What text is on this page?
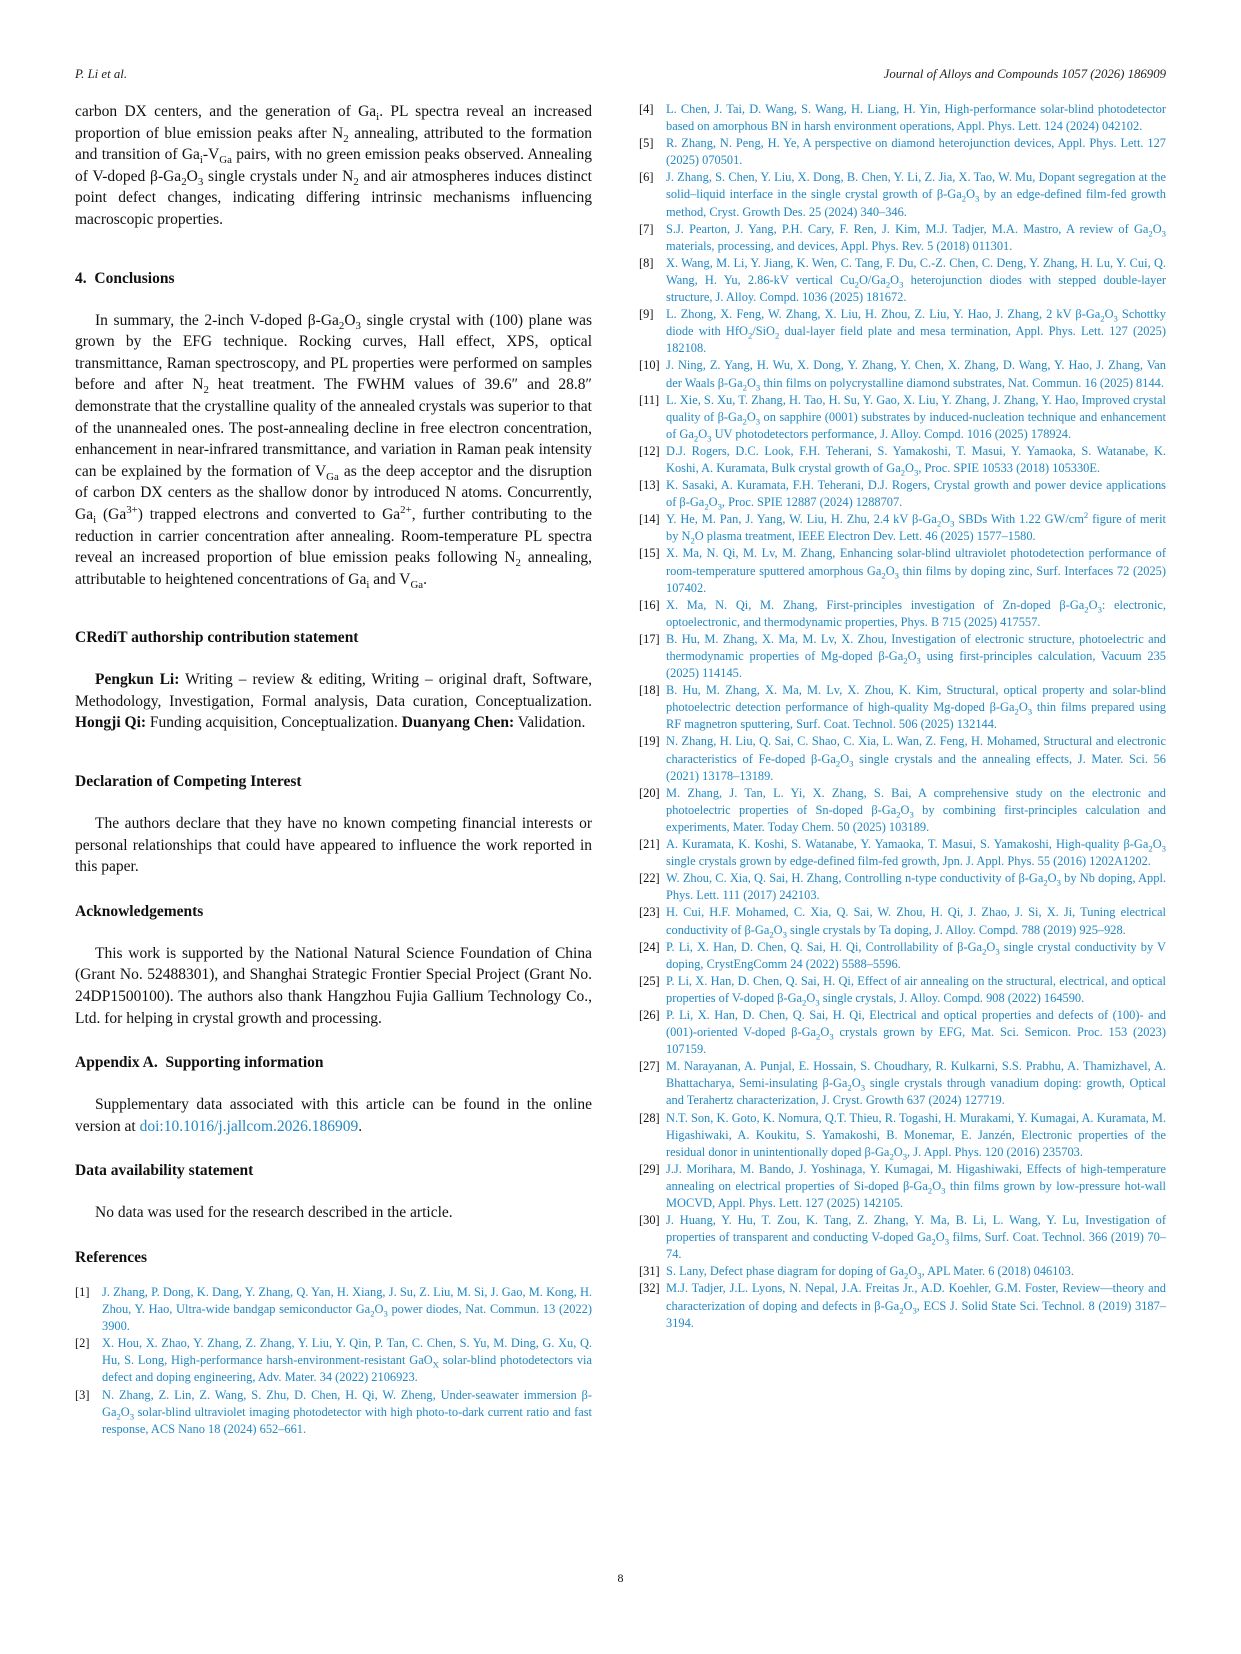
P. Li et al.	Journal of Alloys and Compounds 1057 (2026) 186909

carbon DX centers, and the generation of $Ga_i$. PL spectra reveal an increased proportion of blue emission peaks after $N_2$ annealing, attributed to the formation and transition of $Ga_i-V_{Ga}$ pairs, with no green emission peaks observed. Annealing of V-doped $\beta-Ga_2O_3$ single crystals under $N_2$ and air atmospheres induces distinct point defect changes, indicating differing intrinsic mechanisms influencing macroscopic properties.

4. Conclusions

In summary, the 2-inch V-doped $\beta-Ga_2O_3$ single crystal with (100) plane was grown by the EFG technique. Rocking curves, Hall effect, XPS, optical transmittance, Raman spectroscopy, and PL properties were performed on samples before and after $N_2$ heat treatment. The FWHM values of 39.6″ and 28.8″ demonstrate that the crystalline quality of the annealed crystals was superior to that of the unannealed ones. The post-annealing decline in free electron concentration, enhancement in near-infrared transmittance, and variation in Raman peak intensity can be explained by the formation of $V_{Ga}$ as the deep acceptor and the disruption of carbon DX centers as the shallow donor by introduced N atoms. Concurrently, $Ga_i$ $(Ga^{3+})$ trapped electrons and converted to $Ga^{2+}$, further contributing to the reduction in carrier concentration after annealing. Room-temperature PL spectra reveal an increased proportion of blue emission peaks following $N_2$ annealing, attributable to heightened concentrations of $Ga_i$ and $V_{Ga}$.

CRediT authorship contribution statement

Pengkun Li: Writing – review & editing, Writing – original draft, Software, Methodology, Investigation, Formal analysis, Data curation, Conceptualization. Hongji Qi: Funding acquisition, Conceptualization. Duanyang Chen: Validation.

Declaration of Competing Interest

The authors declare that they have no known competing financial interests or personal relationships that could have appeared to influence the work reported in this paper.

Acknowledgements

This work is supported by the National Natural Science Foundation of China (Grant No. 52488301), and Shanghai Strategic Frontier Special Project (Grant No. 24DP1500100). The authors also thank Hangzhou Fujia Gallium Technology Co., Ltd. for helping in crystal growth and processing.

Appendix A. Supporting information

Supplementary data associated with this article can be found in the online version at doi:10.1016/j.jallcom.2026.186909.

Data availability statement

No data was used for the research described in the article.

References
[1] J. Zhang, P. Dong, K. Dang, Y. Zhang, Q. Yan, H. Xiang, J. Su, Z. Liu, M. Si, J. Gao, M. Kong, H. Zhou, Y. Hao, Ultra-wide bandgap semiconductor $Ga_2O_3$ power diodes, Nat. Commun. 13 (2022) 3900.
[2] X. Hou, X. Zhao, Y. Zhang, Z. Zhang, Y. Liu, Y. Qin, P. Tan, C. Chen, S. Yu, M. Ding, G. Xu, Q. Hu, S. Long, High-performance harsh-environment-resistant GaO$_X$ solar-blind photodetectors via defect and doping engineering, Adv. Mater. 34 (2022) 2106923.
[3] N. Zhang, Z. Lin, Z. Wang, S. Zhu, D. Chen, H. Qi, W. Zheng, Under-seawater immersion $\beta-Ga_2O_3$ solar-blind ultraviolet imaging photodetector with high photo-to-dark current ratio and fast response, ACS Nano 18 (2024) 652–661.
[4] L. Chen, J. Tai, D. Wang, S. Wang, H. Liang, H. Yin, High-performance solar-blind photodetector based on amorphous BN in harsh environment operations, Appl. Phys. Lett. 124 (2024) 042102.
[5] R. Zhang, N. Peng, H. Ye, A perspective on diamond heterojunction devices, Appl. Phys. Lett. 127 (2025) 070501.
[6] J. Zhang, S. Chen, Y. Liu, X. Dong, B. Chen, Y. Li, Z. Jia, X. Tao, W. Mu, Dopant segregation at the solid–liquid interface in the single crystal growth of $\beta-Ga_2O_3$ by an edge-defined film-fed growth method, Cryst. Growth Des. 25 (2024) 340–346.
[7] S.J. Pearton, J. Yang, P.H. Cary, F. Ren, J. Kim, M.J. Tadjer, M.A. Mastro, A review of $Ga_2O_3$ materials, processing, and devices, Appl. Phys. Rev. 5 (2018) 011301.
[8] X. Wang, M. Li, Y. Jiang, K. Wen, C. Tang, F. Du, C.-Z. Chen, C. Deng, Y. Zhang, H. Lu, Y. Cui, Q. Wang, H. Yu, 2.86-kV vertical $Cu_2O/Ga_2O_3$ heterojunction diodes with stepped double-layer structure, J. Alloy. Compd. 1036 (2025) 181672.
[9] L. Zhong, X. Feng, W. Zhang, X. Liu, H. Zhou, Z. Liu, Y. Hao, J. Zhang, 2 kV $\beta-Ga_2O_3$ Schottky diode with HfO$_2$/SiO$_2$ dual-layer field plate and mesa termination, Appl. Phys. Lett. 127 (2025) 182108.
[10] J. Ning, Z. Yang, H. Wu, X. Dong, Y. Zhang, Y. Chen, X. Zhang, D. Wang, Y. Hao, J. Zhang, Van der Waals $\beta-Ga_2O_3$ thin films on polycrystalline diamond substrates, Nat. Commun. 16 (2025) 8144.
[11] L. Xie, S. Xu, T. Zhang, H. Tao, H. Su, Y. Gao, X. Liu, Y. Zhang, J. Zhang, Y. Hao, Improved crystal quality of $\beta-Ga_2O_3$ on sapphire (0001) substrates by induced-nucleation technique and enhancement of $Ga_2O_3$ UV photodetectors performance, J. Alloy. Compd. 1016 (2025) 178924.
[12] D.J. Rogers, D.C. Look, F.H. Teherani, S. Yamakoshi, T. Masui, Y. Yamaoka, S. Watanabe, K. Koshi, A. Kuramata, Bulk crystal growth of $Ga_2O_3$, Proc. SPIE 10533 (2018) 105330E.
[13] K. Sasaki, A. Kuramata, F.H. Teherani, D.J. Rogers, Crystal growth and power device applications of $\beta-Ga_2O_3$, Proc. SPIE 12887 (2024) 1288707.
[14] Y. He, M. Pan, J. Yang, W. Liu, H. Zhu, 2.4 kV $\beta-Ga_2O_3$ SBDs With 1.22 $GW/cm^2$ figure of merit by $N_2O$ plasma treatment, IEEE Electron Dev. Lett. 46 (2025) 1577–1580.
[15] X. Ma, N. Qi, M. Lv, M. Zhang, Enhancing solar-blind ultraviolet photodetection performance of room-temperature sputtered amorphous $Ga_2O_3$ thin films by doping zinc, Surf. Interfaces 72 (2025) 107402.
[16] X. Ma, N. Qi, M. Zhang, First-principles investigation of Zn-doped $\beta-Ga_2O_3$: electronic, optoelectronic, and thermodynamic properties, Phys. B 715 (2025) 417557.
[17] B. Hu, M. Zhang, X. Ma, M. Lv, X. Zhou, Investigation of electronic structure, photoelectric and thermodynamic properties of Mg-doped $\beta-Ga_2O_3$ using first-principles calculation, Vacuum 235 (2025) 114145.
[18] B. Hu, M. Zhang, X. Ma, M. Lv, X. Zhou, K. Kim, Structural, optical property and solar-blind photoelectric detection performance of high-quality Mg-doped $\beta-Ga_2O_3$ thin films prepared using RF magnetron sputtering, Surf. Coat. Technol. 506 (2025) 132144.
[19] N. Zhang, H. Liu, Q. Sai, C. Shao, C. Xia, L. Wan, Z. Feng, H. Mohamed, Structural and electronic characteristics of Fe-doped $\beta-Ga_2O_3$ single crystals and the annealing effects, J. Mater. Sci. 56 (2021) 13178–13189.
[20] M. Zhang, J. Tan, L. Yi, X. Zhang, S. Bai, A comprehensive study on the electronic and photoelectric properties of Sn-doped $\beta-Ga_2O_3$ by combining first-principles calculation and experiments, Mater. Today Chem. 50 (2025) 103189.
[21] A. Kuramata, K. Koshi, S. Watanabe, Y. Yamaoka, T. Masui, S. Yamakoshi, High-quality $\beta-Ga_2O_3$ single crystals grown by edge-defined film-fed growth, Jpn. J. Appl. Phys. 55 (2016) 1202A1202.
[22] W. Zhou, C. Xia, Q. Sai, H. Zhang, Controlling n-type conductivity of $\beta-Ga_2O_3$ by Nb doping, Appl. Phys. Lett. 111 (2017) 242103.
[23] H. Cui, H.F. Mohamed, C. Xia, Q. Sai, W. Zhou, H. Qi, J. Zhao, J. Si, X. Ji, Tuning electrical conductivity of $\beta-Ga_2O_3$ single crystals by Ta doping, J. Alloy. Compd. 788 (2019) 925–928.
[24] P. Li, X. Han, D. Chen, Q. Sai, H. Qi, Controllability of $\beta-Ga_2O_3$ single crystal conductivity by V doping, CrystEngComm 24 (2022) 5588–5596.
[25] P. Li, X. Han, D. Chen, Q. Sai, H. Qi, Effect of air annealing on the structural, electrical, and optical properties of V-doped $\beta-Ga_2O_3$ single crystals, J. Alloy. Compd. 908 (2022) 164590.
[26] P. Li, X. Han, D. Chen, Q. Sai, H. Qi, Electrical and optical properties and defects of (100)- and (001)-oriented V-doped $\beta-Ga_2O_3$ crystals grown by EFG, Mat. Sci. Semicon. Proc. 153 (2023) 107159.
[27] M. Narayanan, A. Punjal, E. Hossain, S. Choudhary, R. Kulkarni, S.S. Prabhu, A. Thamizhavel, A. Bhattacharya, Semi-insulating $\beta-Ga_2O_3$ single crystals through vanadium doping: growth, Optical and Terahertz characterization, J. Cryst. Growth 637 (2024) 127719.
[28] N.T. Son, K. Goto, K. Nomura, Q.T. Thieu, R. Togashi, H. Murakami, Y. Kumagai, A. Kuramata, M. Higashiwaki, A. Koukitu, S. Yamakoshi, B. Monemar, E. Janzén, Electronic properties of the residual donor in unintentionally doped $\beta-Ga_2O_3$, J. Appl. Phys. 120 (2016) 235703.
[29] J.J. Morihara, M. Bando, J. Yoshinaga, Y. Kumagai, M. Higashiwaki, Effects of high-temperature annealing on electrical properties of Si-doped $\beta-Ga_2O_3$ thin films grown by low-pressure hot-wall MOCVD, Appl. Phys. Lett. 127 (2025) 142105.
[30] J. Huang, Y. Hu, T. Zou, K. Tang, Z. Zhang, Y. Ma, B. Li, L. Wang, Y. Lu, Investigation of properties of transparent and conducting V-doped $Ga_2O_3$ films, Surf. Coat. Technol. 366 (2019) 70–74.
[31] S. Lany, Defect phase diagram for doping of $Ga_2O_3$, APL Mater. 6 (2018) 046103.
[32] M.J. Tadjer, J.L. Lyons, N. Nepal, J.A. Freitas Jr., A.D. Koehler, G.M. Foster, Review—theory and characterization of doping and defects in $\beta-Ga_2O_3$, ECS J. Solid State Sci. Technol. 8 (2019) 3187–3194.
8
